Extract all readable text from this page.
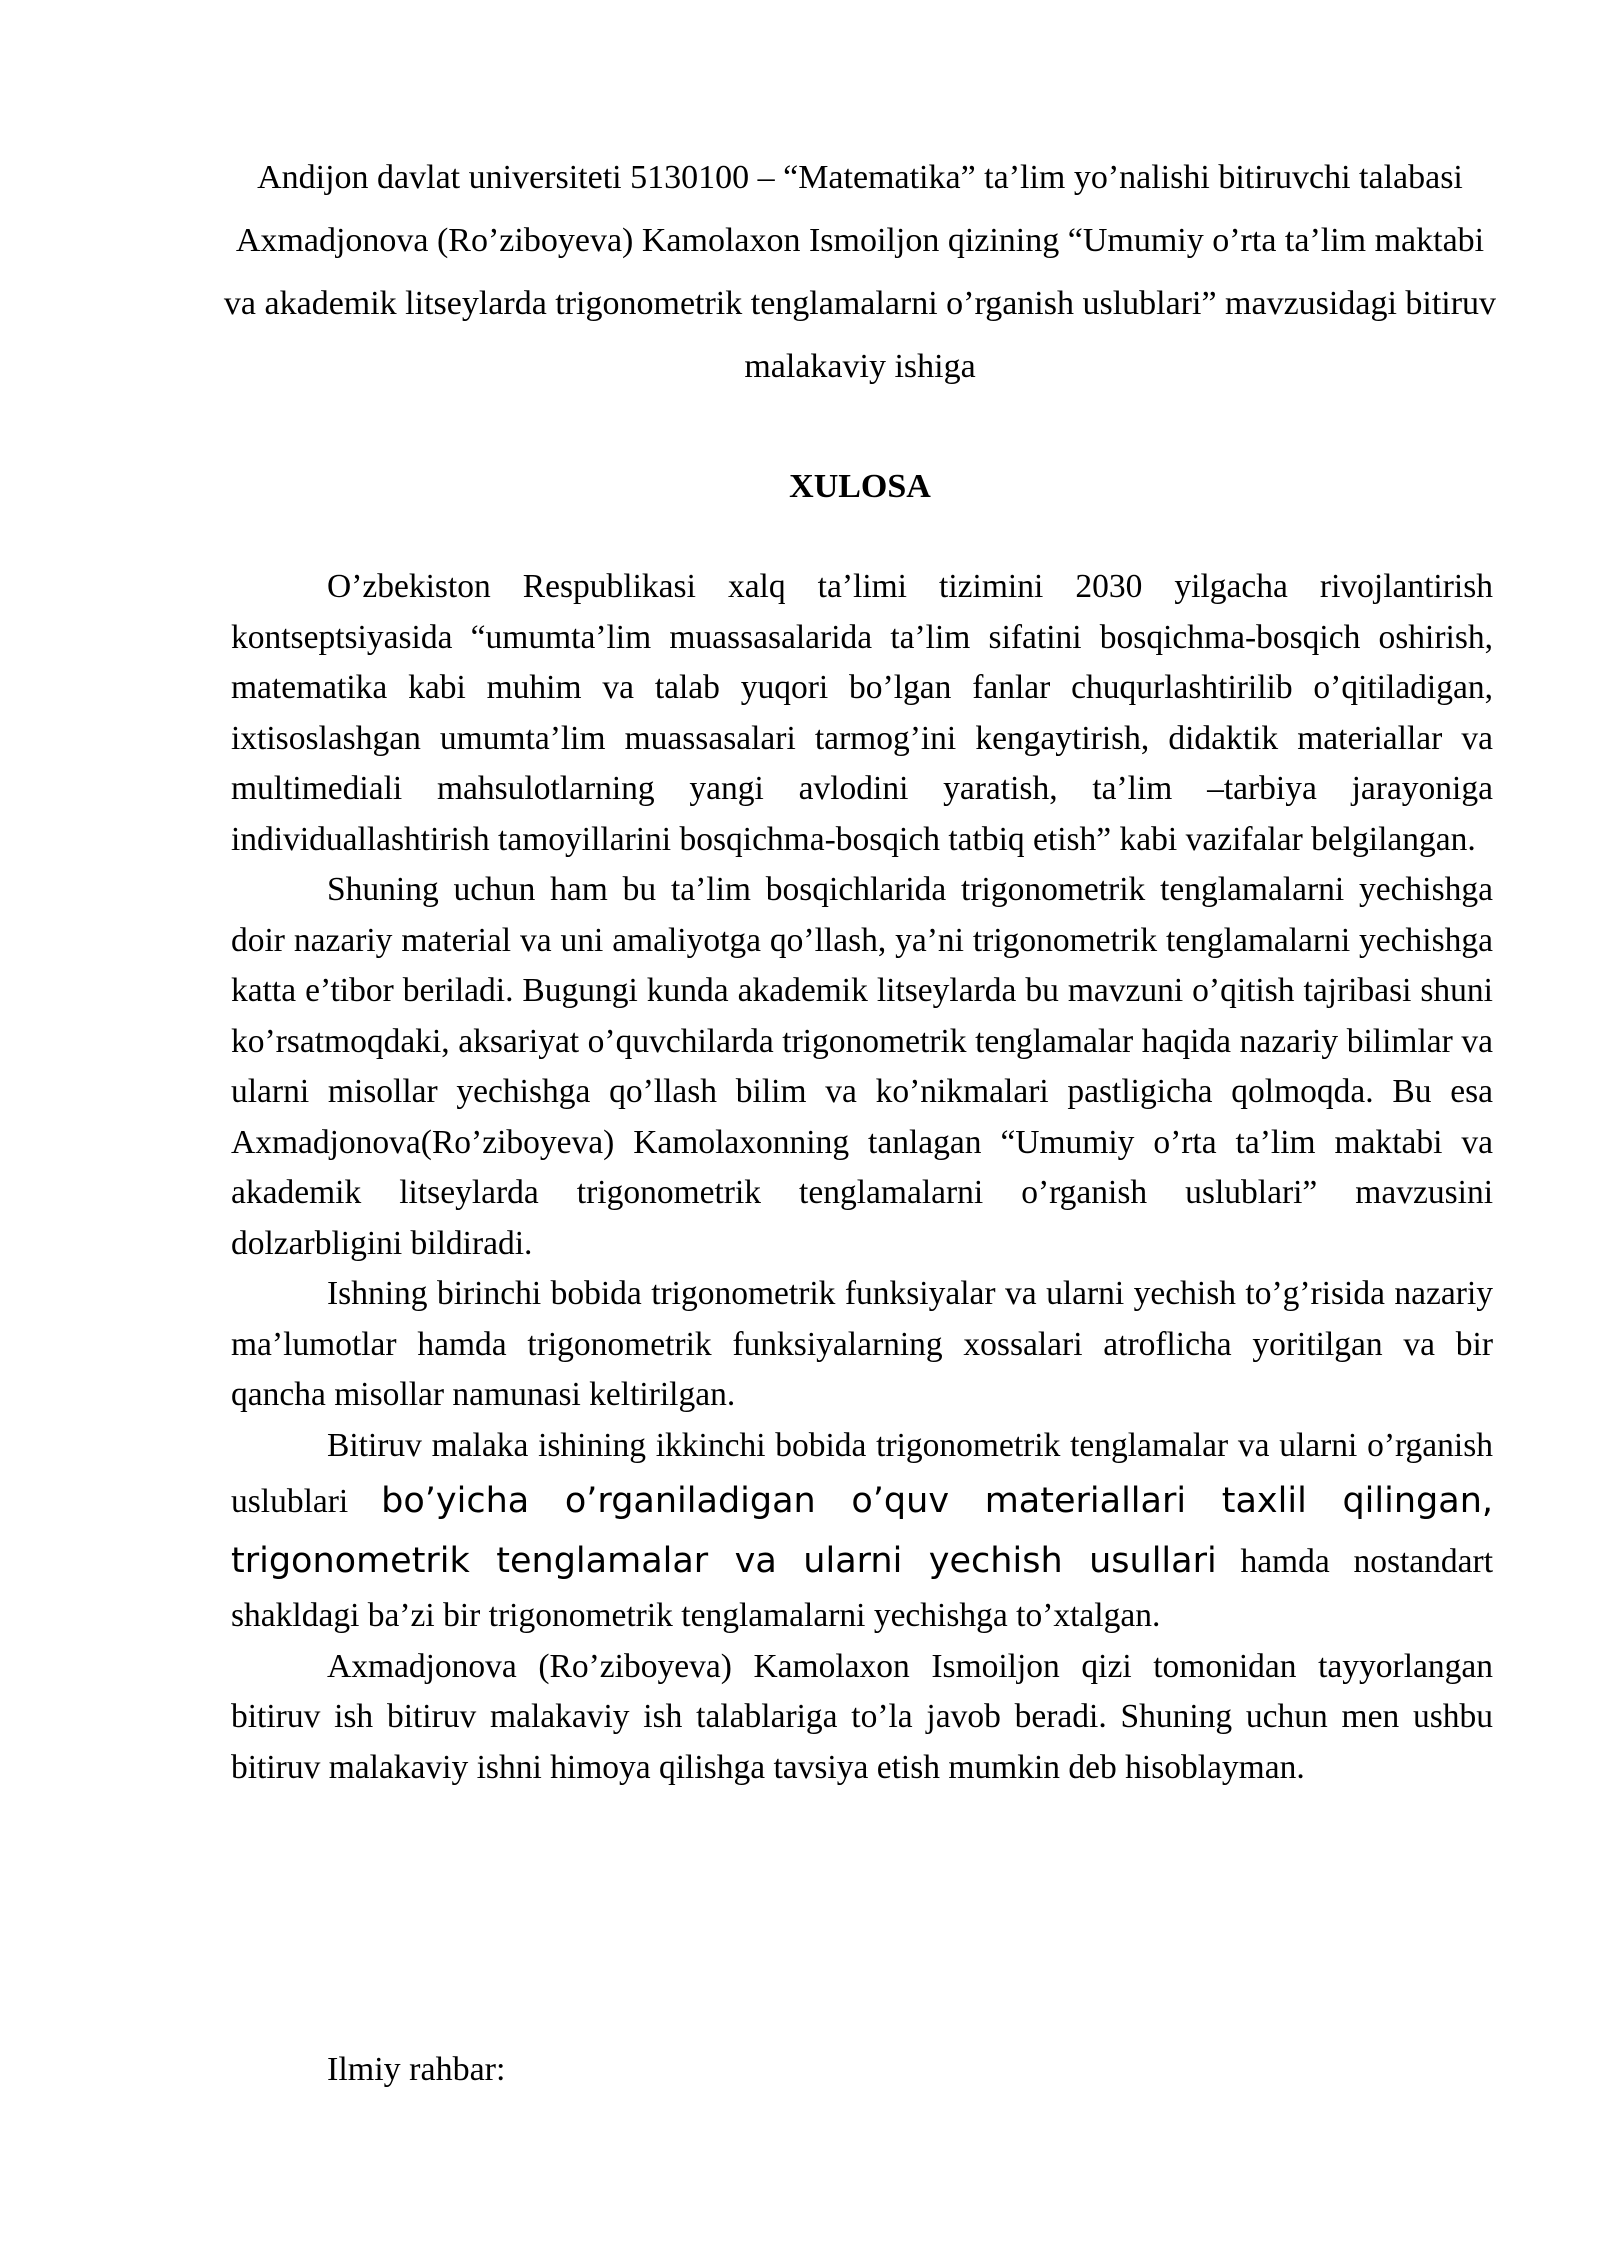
Andijon davlat universiteti 5130100 – “Matematika” ta’lim yo’nalishi bitiruvchi talabasi Axmadjonova (Ro’ziboyeva) Kamolaxon Ismoiljon qizining “Umumiy o’rta ta’lim maktabi va akademik litseylarda trigonometrik tenglamalarni o’rganish uslublari” mavzusidagi bitiruv malakaviy ishiga
XULOSA

O’zbekiston Respublikasi xalq ta’limi tizimini 2030 yilgacha rivojlantirish kontseptsiyasida “umumta’lim muassasalarida ta’lim sifatini bosqichma-bosqich oshirish, matematika kabi muhim va talab yuqori bo’lgan fanlar chuqurlashtirilib o’qitiladigan, ixtisoslashgan umumta’lim muassasalari tarmog’ini kengaytirish, didaktik materiallar va multimediali mahsulotlarning yangi avlodini yaratish, ta’lim –tarbiya jarayoniga individuallashtirish tamoyillarini bosqichma-bosqich tatbiq etish” kabi vazifalar belgilangan.

Shuning uchun ham bu ta’lim bosqichlarida trigonometrik tenglamalarni yechishga doir nazariy material va uni amaliyotga qo’llash, ya’ni trigonometrik tenglamalarni yechishga katta e’tibor beriladi. Bugungi kunda akademik litseylarda bu mavzuni o’qitish tajribasi shuni ko’rsatmoqdaki, aksariyat o’quvchilarda trigonometrik tenglamalar haqida nazariy bilimlar va ularni misollar yechishga qo’llash bilim va ko’nikmalari pastligicha qolmoqda. Bu esa Axmadjonova(Ro’ziboyeva) Kamolaxonning tanlagan “Umumiy o’rta ta’lim maktabi va akademik litseylarda trigonometrik tenglamalarni o’rganish uslublari” mavzusini dolzarbligini bildiradi.

Ishning birinchi bobida trigonometrik funksiyalar va ularni yechish to’g’risida nazariy ma’lumotlar hamda trigonometrik funksiyalarning xossalari atroflicha yoritilgan va bir qancha misollar namunasi keltirilgan.

Bitiruv malaka ishining ikkinchi bobida trigonometrik tenglamalar va ularni o’rganish uslublari bo’yicha o’rganiladigan o’quv materiallari taxlil qilingan, trigonometrik tenglamalar va ularni yechish usullari hamda nostandart shakldagi ba’zi bir trigonometrik tenglamalarni yechishga to’xtalgan.

Axmadjonova (Ro’ziboyeva) Kamolaxon Ismoiljon qizi tomonidan tayyorlangan bitiruv ish bitiruv malakaviy ish talablariga to’la javob beradi. Shuning uchun men ushbu bitiruv malakaviy ishni himoya qilishga tavsiya etish mumkin deb hisoblayman.

Ilmiy rahbar:
